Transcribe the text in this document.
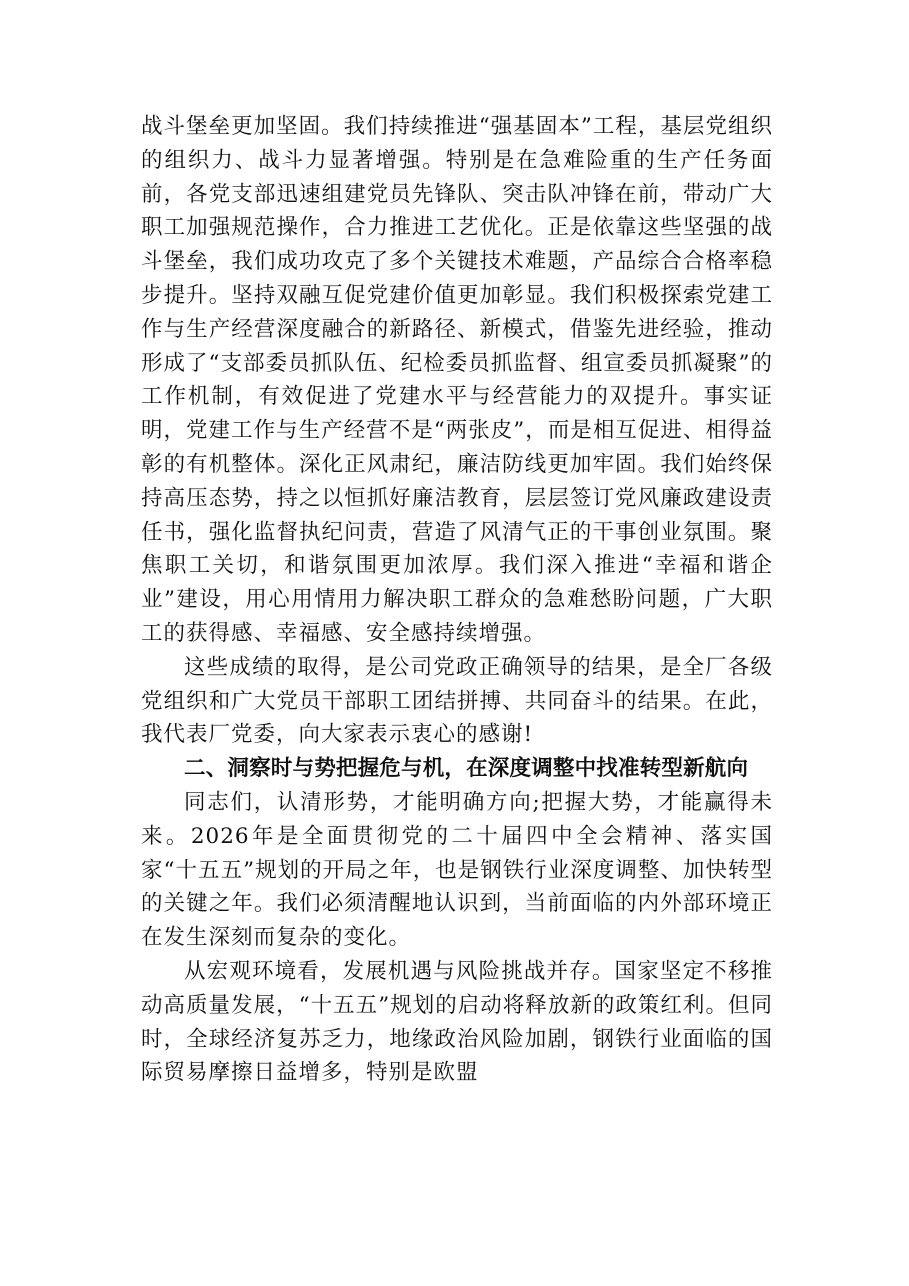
战斗堡垒更加坚固。我们持续推进“强基固本”工程，基层党组织的组织力、战斗力显著增强。特别是在急难险重的生产任务面前，各党支部迅速组建党员先锋队、突击队冲锋在前，带动广大职工加强规范操作，合力推进工艺优化。正是依靠这些坚强的战斗堡垒，我们成功攻克了多个关键技术难题，产品综合合格率稳步提升。坚持双融互促党建价值更加彰显。我们积极探索党建工作与生产经营深度融合的新路径、新模式，借鉴先进经验，推动形成了“支部委员抓队伍、纪检委员抓监督、组宣委员抓凝聚”的工作机制，有效促进了党建水平与经营能力的双提升。事实证明，党建工作与生产经营不是“两张皮”，而是相互促进、相得益彰的有机整体。深化正风肃纪，廉洁防线更加牢固。我们始终保持高压态势，持之以恒抓好廉洁教育，层层签订党风廉政建设责任书，强化监督执纪问责，营造了风清气正的干事创业氛围。聚焦职工关切，和谐氛围更加浓厚。我们深入推进“幸福和谐企业”建设，用心用情用力解决职工群众的急难愁盼问题，广大职工的获得感、幸福感、安全感持续增强。

这些成绩的取得，是公司党政正确领导的结果，是全厂各级党组织和广大党员干部职工团结拼搏、共同奋斗的结果。在此，我代表厂党委，向大家表示衷心的感谢!

二、洞察时与势把握危与机，在深度调整中找准转型新航向

同志们，认清形势，才能明确方向;把握大势，才能赢得未来。2026年是全面贯彻党的二十届四中全会精神、落实国家“十五五”规划的开局之年，也是钢铁行业深度调整、加快转型的关键之年。我们必须清醒地认识到，当前面临的内外部环境正在发生深刻而复杂的变化。

从宏观环境看，发展机遇与风险挑战并存。国家坚定不移推动高质量发展，“十五五”规划的启动将释放新的政策红利。但同时，全球经济复苏乏力，地缘政治风险加剧，钢铁行业面临的国际贸易摩擦日益增多，特别是欧盟
